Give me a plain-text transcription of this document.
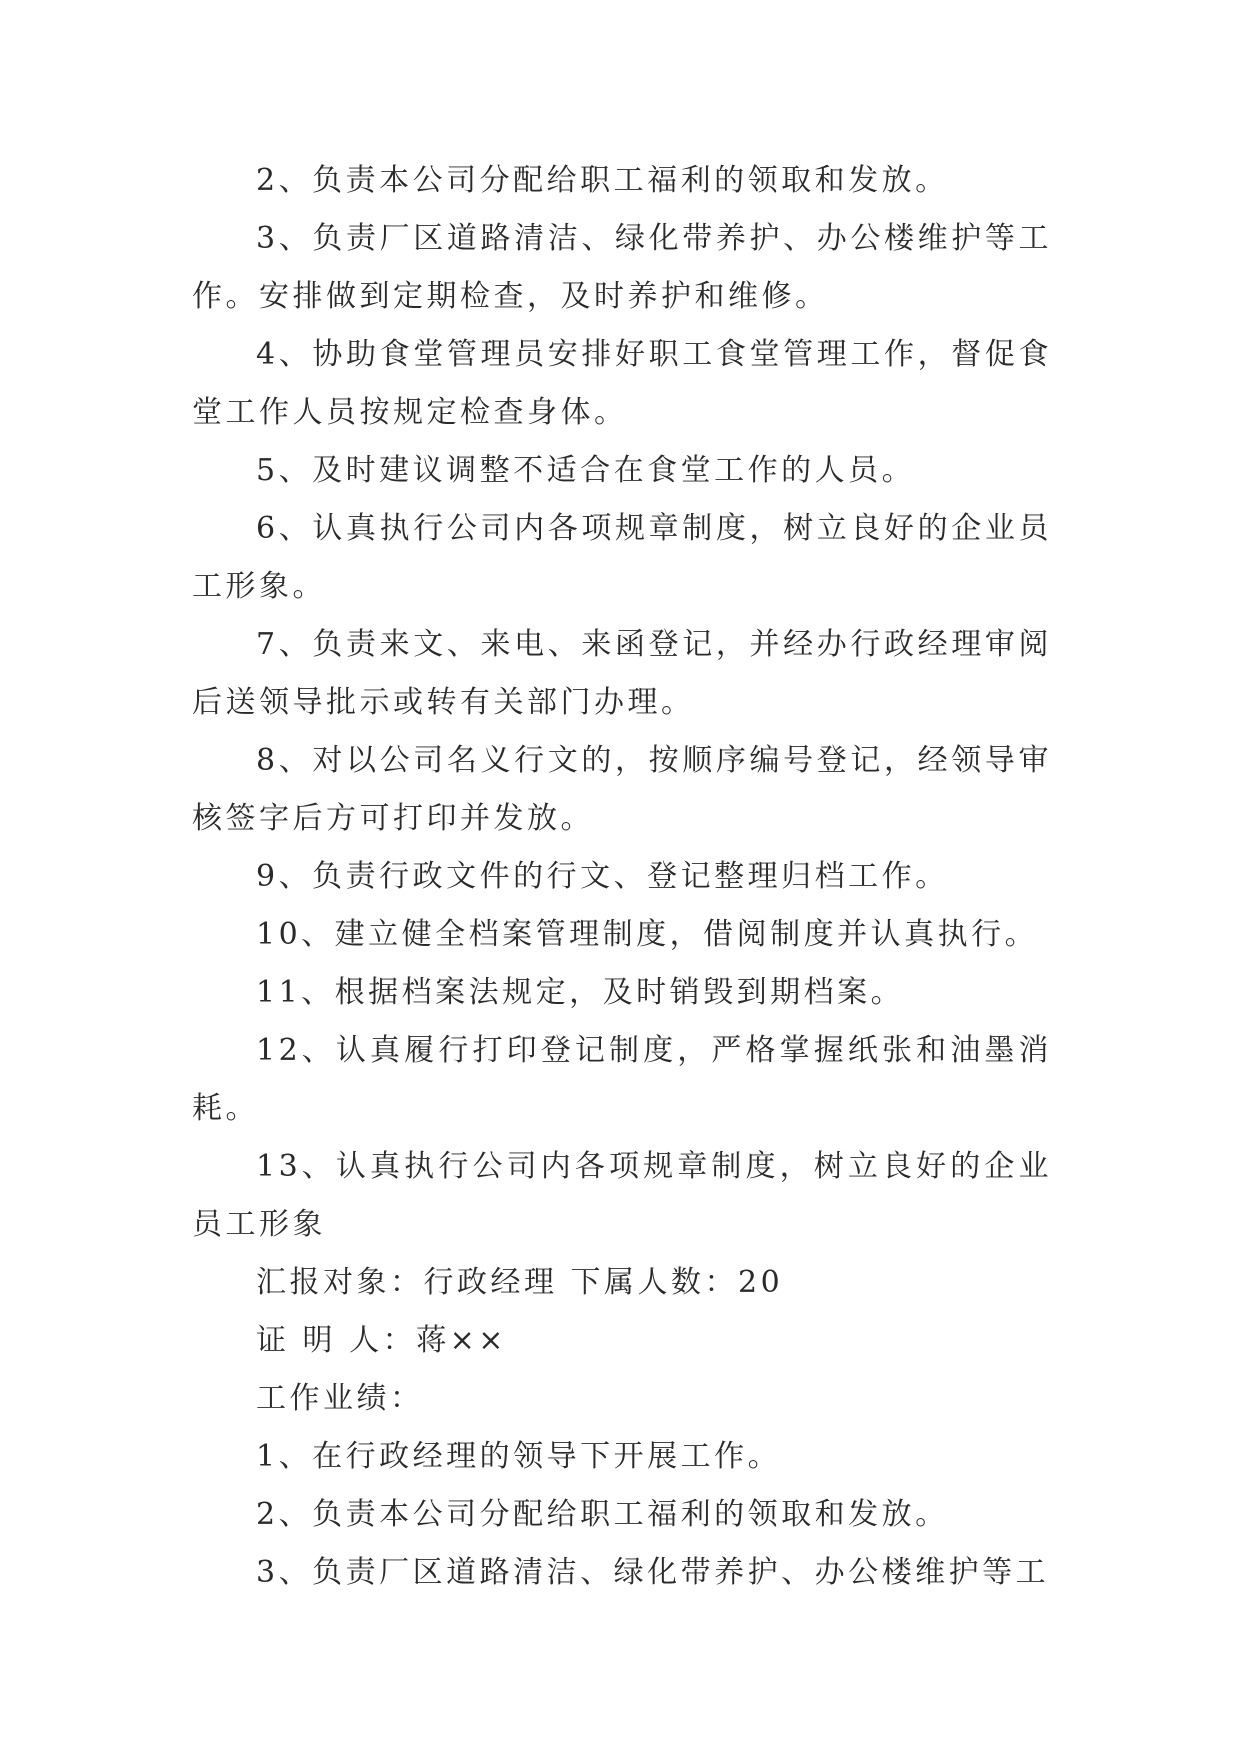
2、负责本公司分配给职工福利的领取和发放。

3、负责厂区道路清洁、绿化带养护、办公楼维护等工作。安排做到定期检查，及时养护和维修。

4、协助食堂管理员安排好职工食堂管理工作，督促食堂工作人员按规定检查身体。

5、及时建议调整不适合在食堂工作的人员。

6、认真执行公司内各项规章制度，树立良好的企业员工形象。

7、负责来文、来电、来函登记，并经办行政经理审阅后送领导批示或转有关部门办理。

8、对以公司名义行文的，按顺序编号登记，经领导审核签字后方可打印并发放。

9、负责行政文件的行文、登记整理归档工作。

10、建立健全档案管理制度，借阅制度并认真执行。

11、根据档案法规定，及时销毁到期档案。

12、认真履行打印登记制度，严格掌握纸张和油墨消耗。

13、认真执行公司内各项规章制度，树立良好的企业员工形象

汇报对象：行政经理 下属人数：20

证 明 人：蒋××

工作业绩：

1、在行政经理的领导下开展工作。

2、负责本公司分配给职工福利的领取和发放。

3、负责厂区道路清洁、绿化带养护、办公楼维护等工
